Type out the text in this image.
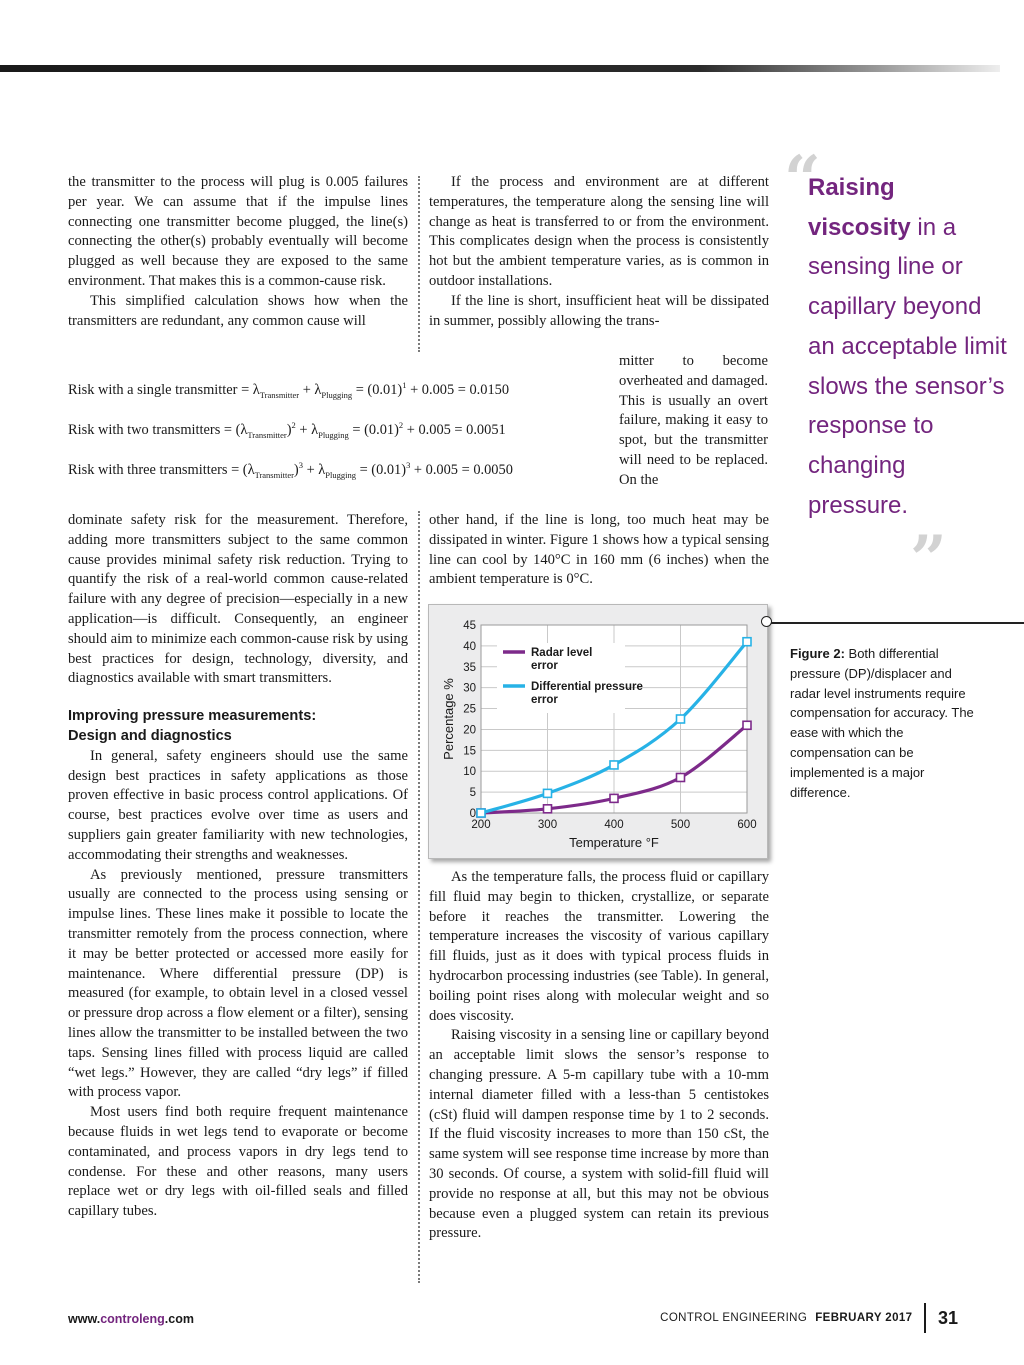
the transmitter to the process will plug is 0.005 failures per year. We can assume that if the impulse lines connecting one transmitter become plugged, the line(s) connecting the other(s) probably eventually will become plugged as well because they are exposed to the same environment. That makes this is a common-cause risk.

This simplified calculation shows how when the transmitters are redundant, any common cause will

Risk with a single transmitter = $\lambda_{Transmitter} + \lambda_{Plugging} = (0.01)^1 + 0.005 = 0.0150$
Risk with two transmitters = $(\lambda_{Transmitter})^2 + \lambda_{Plugging} = (0.01)^2 + 0.005 = 0.0051$
Risk with three transmitters = $(\lambda_{Transmitter})^3 + \lambda_{Plugging} = (0.01)^3 + 0.005 = 0.0050$

dominate safety risk for the measurement. Therefore, adding more transmitters subject to the same common cause provides minimal safety risk reduction. Trying to quantify the risk of a real-world common cause-related failure with any degree of precision—especially in a new application—is difficult. Consequently, an engineer should aim to minimize each common-cause risk by using best practices for design, technology, diversity, and diagnostics available with smart transmitters.

Improving pressure measurements:
Design and diagnostics

In general, safety engineers should use the same design best practices in safety applications as those proven effective in basic process control applications. Of course, best practices evolve over time as users and suppliers gain greater familiarity with new technologies, accommodating their strengths and weaknesses.

As previously mentioned, pressure transmitters usually are connected to the process using sensing or impulse lines. These lines make it possible to locate the transmitter remotely from the process connection, where it may be better protected or accessed more easily for maintenance. Where differential pressure (DP) is measured (for example, to obtain level in a closed vessel or pressure drop across a flow element or a filter), sensing lines allow the transmitter to be installed between the two taps. Sensing lines filled with process liquid are called “wet legs.” However, they are called “dry legs” if filled with process vapor.

Most users find both require frequent maintenance because fluids in wet legs tend to evaporate or become contaminated, and process vapors in dry legs tend to condense. For these and other reasons, many users replace wet or dry legs with oil-filled seals and filled capillary tubes.

If the process and environment are at different temperatures, the temperature along the sensing line will change as heat is transferred to or from the environment. This complicates design when the process is consistently hot but the ambient temperature varies, as is common in outdoor installations.

If the line is short, insufficient heat will be dissipated in summer, possibly allowing the trans-

mitter to become overheated and damaged. This is usually an overt failure, making it easy to spot, but the transmitter will need to be replaced. On the

other hand, if the line is long, too much heat may be dissipated in winter. Figure 1 shows how a typical sensing line can cool by 140°C in 160 mm (6 inches) when the ambient temperature is 0°C.

0
5
10
15
20
25
30
35
40
45
200	300	400	500	600
Temperature °F
Percentage %
Radar level
error
Differential pressure
error

As the temperature falls, the process fluid or capillary fill fluid may begin to thicken, crystallize, or separate before it reaches the transmitter. Lowering the temperature increases the viscosity of various capillary fill fluids, just as it does with typical process fluids in hydrocarbon processing industries (see Table). In general, boiling point rises along with molecular weight and so does viscosity.

Raising viscosity in a sensing line or capillary beyond an acceptable limit slows the sensor’s response to changing pressure. A 5-m capillary tube with a 10-mm internal diameter filled with a less-than 5 centistokes (cSt) fluid will dampen response time by 1 to 2 seconds. If the fluid viscosity increases to more than 150 cSt, the same system will see response time increase by more than 30 seconds. Of course, a system with solid-fill fluid will provide no response at all, but this may not be obvious because even a plugged system can retain its previous pressure.

“
Raising
viscosity in a sensing line or capillary beyond an acceptable limit slows the sensor’s response to changing pressure.
”
Figure 2: Both differential pressure (DP)/displacer and radar level instruments require compensation for accuracy. The ease with which the compensation can be implemented is a major difference.
www.controleng.com	CONTROL ENGINEERING FEBRUARY 2017 31
